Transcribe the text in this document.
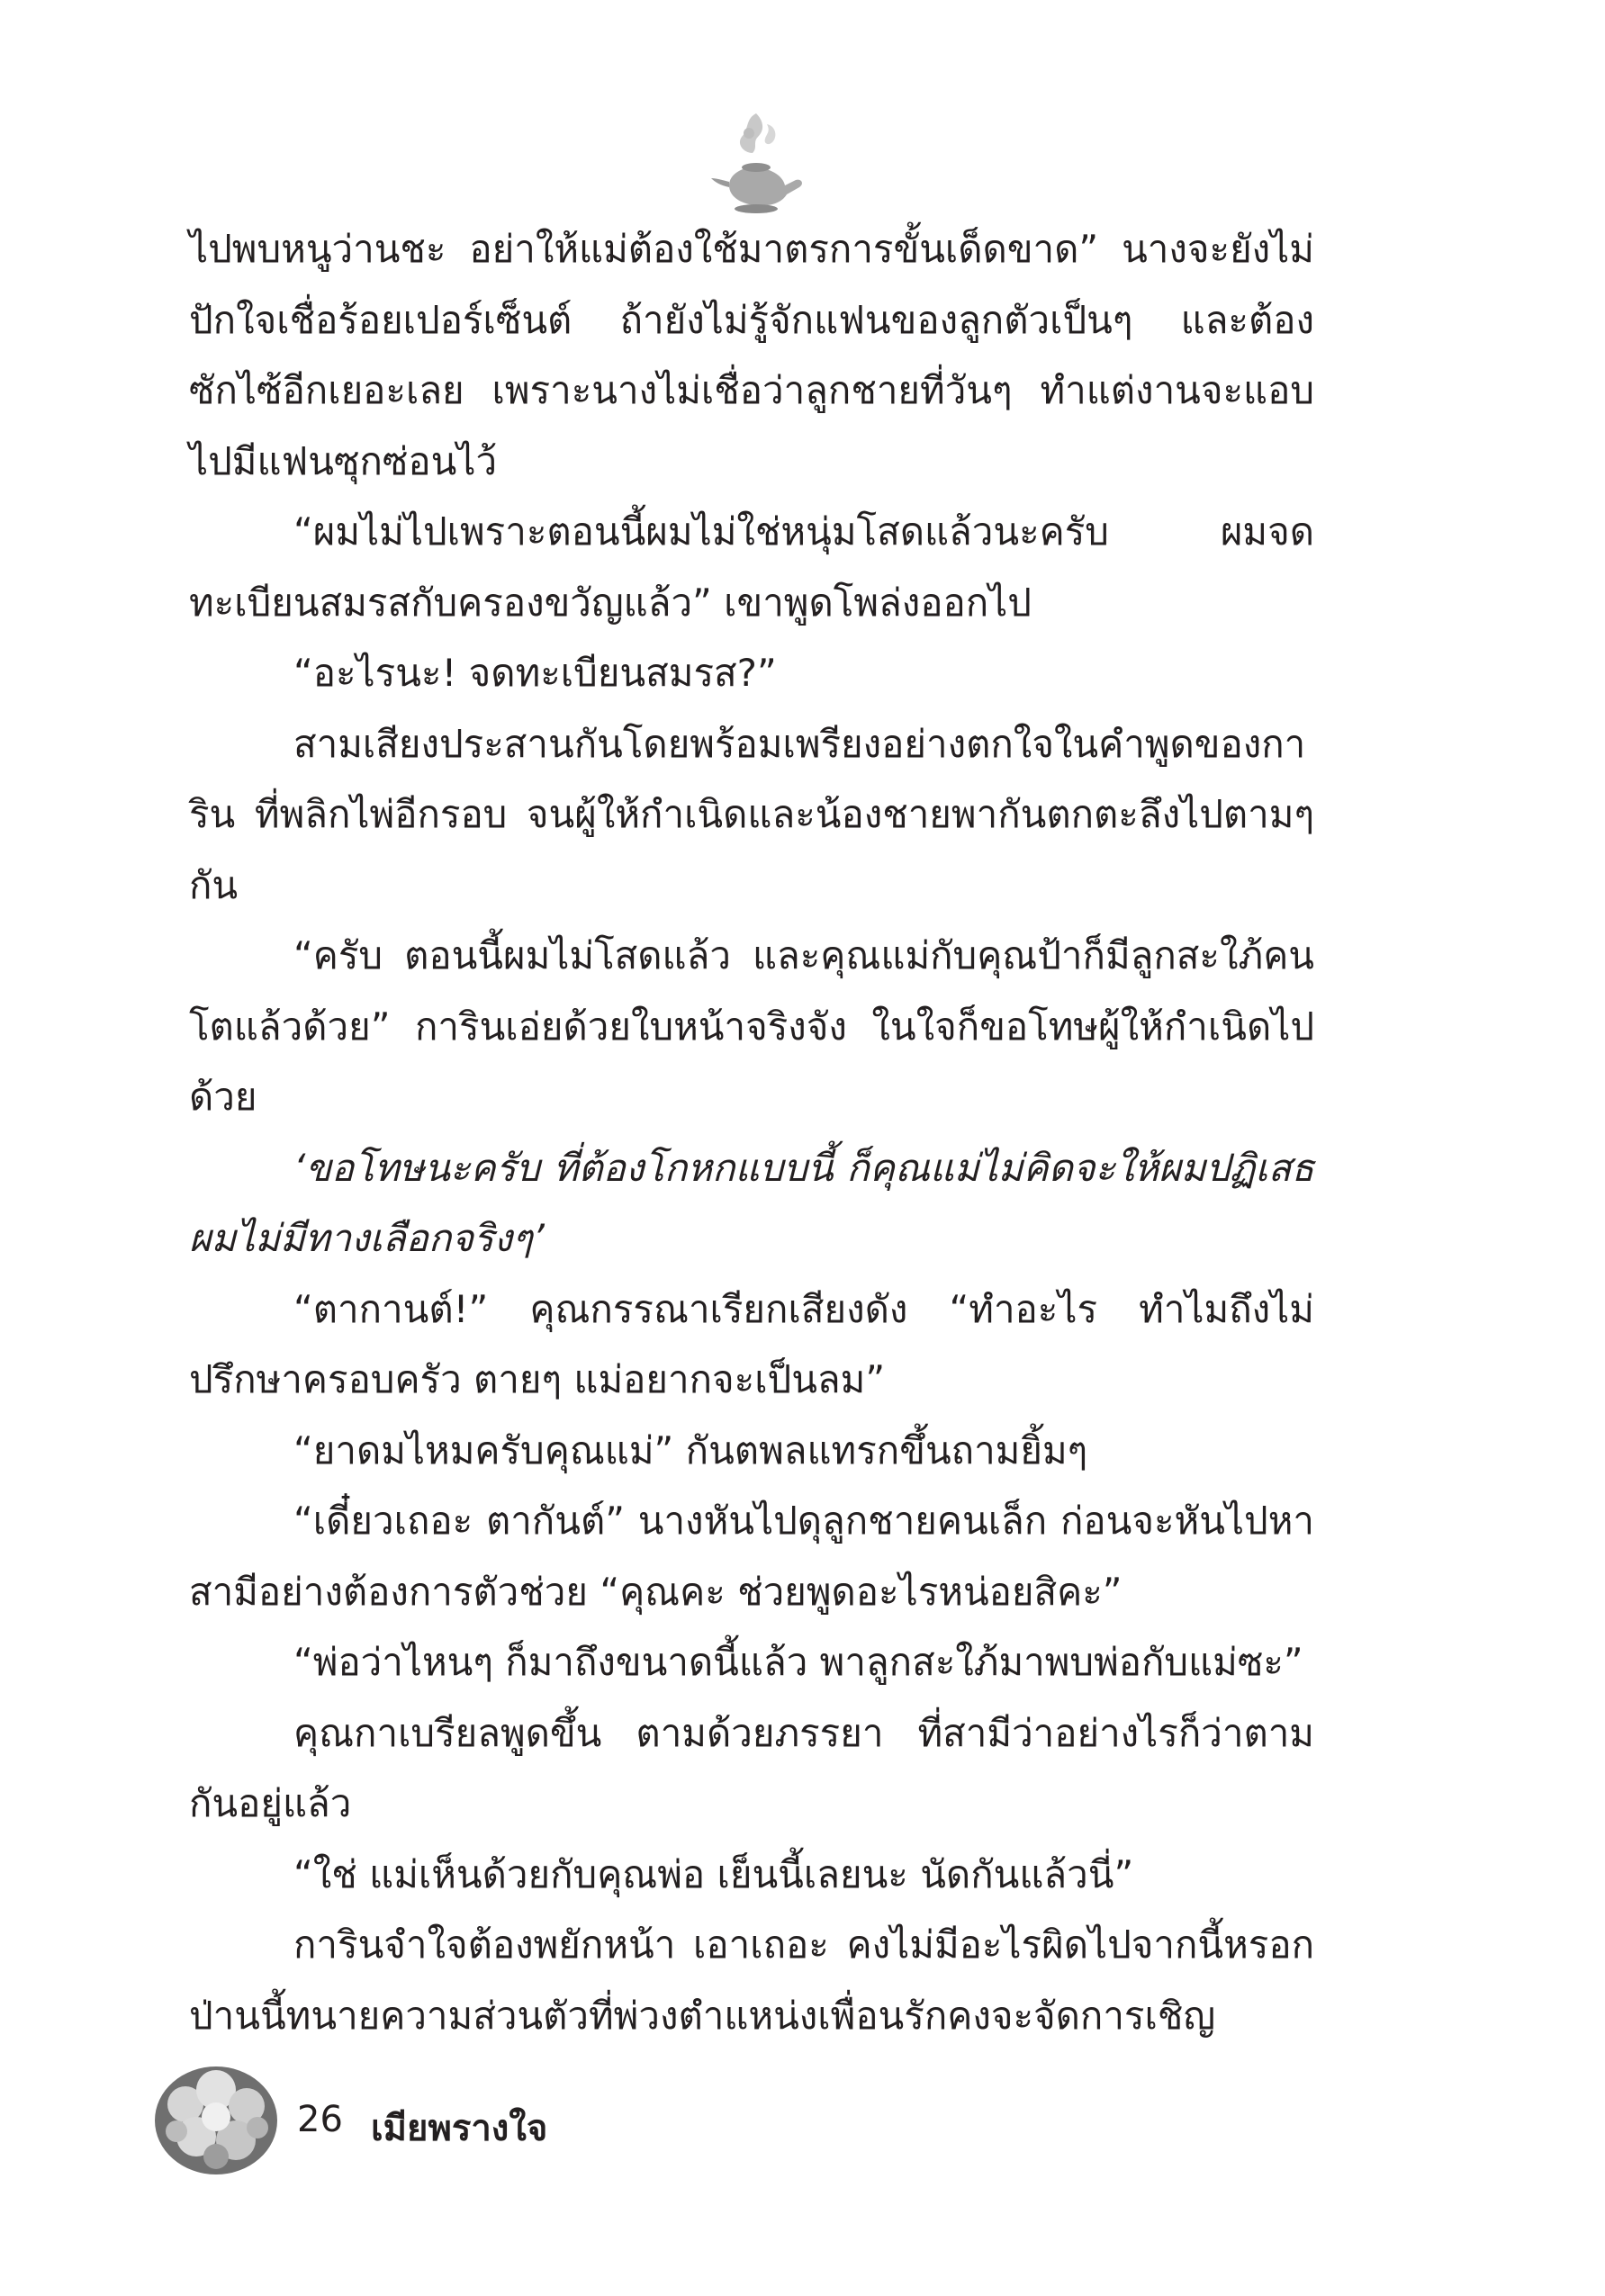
ไปพบหนูว่านชะ อย่าให้แม่ต้องใช้มาตรการขั้นเด็ดขาด” นางจะยังไม่ปักใจเชื่อร้อยเปอร์เซ็นต์ ถ้ายังไม่รู้จักแฟนของลูกตัวเป็นๆ และต้องซักไซ้อีกเยอะเลย เพราะนางไม่เชื่อว่าลูกชายที่วันๆ ทำแต่งานจะแอบไปมีแฟนซุกซ่อนไว้

“ผมไม่ไปเพราะตอนนี้ผมไม่ใช่หนุ่มโสดแล้วนะครับ ผมจดทะเบียนสมรสกับครองขวัญแล้ว” เขาพูดโพล่งออกไป

“อะไรนะ! จดทะเบียนสมรส?”

สามเสียงประสานกันโดยพร้อมเพรียงอย่างตกใจในคำพูดของการิน ที่พลิกไพ่อีกรอบ จนผู้ให้กำเนิดและน้องชายพากันตกตะลึงไปตามๆ กัน

“ครับ ตอนนี้ผมไม่โสดแล้ว และคุณแม่กับคุณป้าก็มีลูกสะใภ้คนโตแล้วด้วย” การินเอ่ยด้วยใบหน้าจริงจัง ในใจก็ขอโทษผู้ให้กำเนิดไปด้วย

‘ขอโทษนะครับ ที่ต้องโกหกแบบนี้ ก็คุณแม่ไม่คิดจะให้ผมปฏิเสธ ผมไม่มีทางเลือกจริงๆ’

“ตากานต์!” คุณกรรณาเรียกเสียงดัง “ทำอะไร ทำไมถึงไม่ปรึกษาครอบครัว ตายๆ แม่อยากจะเป็นลม”

“ยาดมไหมครับคุณแม่” กันตพลแทรกขึ้นถามยิ้มๆ

“เดี๋ยวเถอะ ตากันต์” นางหันไปดุลูกชายคนเล็ก ก่อนจะหันไปหาสามีอย่างต้องการตัวช่วย “คุณคะ ช่วยพูดอะไรหน่อยสิคะ”

“พ่อว่าไหนๆ ก็มาถึงขนาดนี้แล้ว พาลูกสะใภ้มาพบพ่อกับแม่ซะ”

คุณกาเบรียลพูดขึ้น ตามด้วยภรรยา ที่สามีว่าอย่างไรก็ว่าตามกันอยู่แล้ว

“ใช่ แม่เห็นด้วยกับคุณพ่อ เย็นนี้เลยนะ นัดกันแล้วนี่”

การินจำใจต้องพยักหน้า เอาเถอะ คงไม่มีอะไรผิดไปจากนี้หรอกป่านนี้ทนายความส่วนตัวที่พ่วงตำแหน่งเพื่อนรักคงจะจัดการเชิญ

26 เมียพรางใจ
